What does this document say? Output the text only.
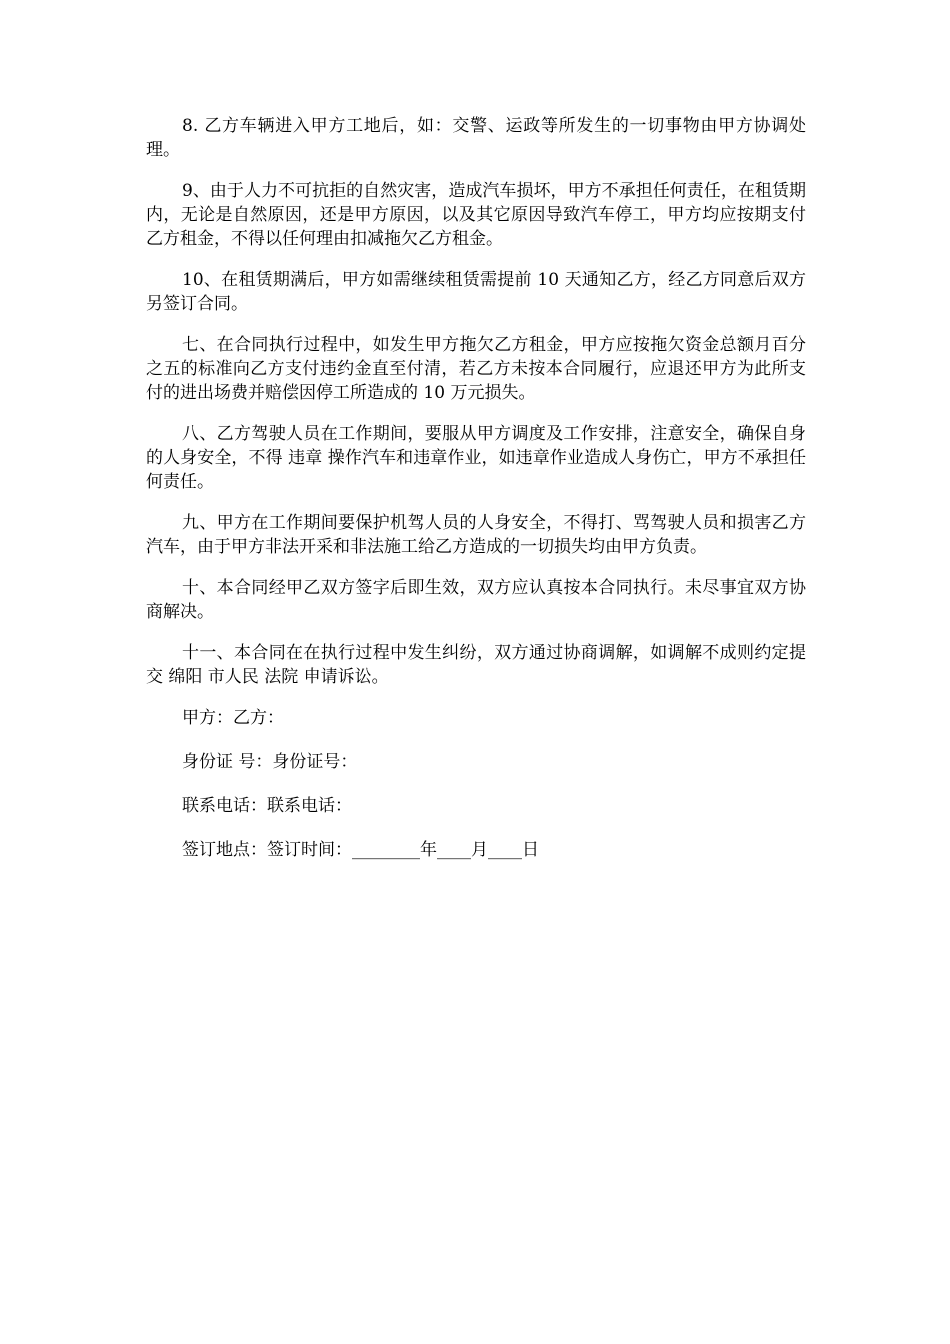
8. 乙方车辆进入甲方工地后，如：交警、运政等所发生的一切事物由甲方协调处理。

9、由于人力不可抗拒的自然灾害，造成汽车损坏，甲方不承担任何责任，在租赁期内，无论是自然原因，还是甲方原因，以及其它原因导致汽车停工，甲方均应按期支付乙方租金，不得以任何理由扣减拖欠乙方租金。

10、在租赁期满后，甲方如需继续租赁需提前 10 天通知乙方，经乙方同意后双方另签订合同。

七、在合同执行过程中，如发生甲方拖欠乙方租金，甲方应按拖欠资金总额月百分之五的标准向乙方支付违约金直至付清，若乙方未按本合同履行，应退还甲方为此所支付的进出场费并赔偿因停工所造成的 10 万元损失。

八、乙方驾驶人员在工作期间，要服从甲方调度及工作安排，注意安全，确保自身的人身安全，不得 违章 操作汽车和违章作业，如违章作业造成人身伤亡，甲方不承担任何责任。

九、甲方在工作期间要保护机驾人员的人身安全，不得打、骂驾驶人员和损害乙方汽车，由于甲方非法开采和非法施工给乙方造成的一切损失均由甲方负责。

十、本合同经甲乙双方签字后即生效，双方应认真按本合同执行。未尽事宜双方协商解决。

十一、本合同在在执行过程中发生纠纷，双方通过协商调解，如调解不成则约定提交 绵阳 市人民 法院 申请诉讼。

甲方：乙方：

身份证 号：身份证号：

联系电话：联系电话：

签订地点：签订时间：________年____月____日
